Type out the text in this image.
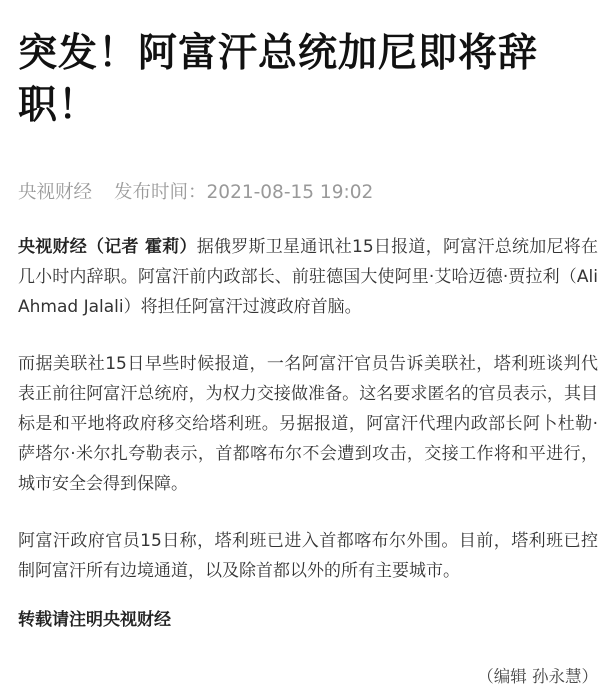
突发！阿富汗总统加尼即将辞职！
央视财经 发布时间：2021-08-15 19:02

央视财经（记者 霍莉）据俄罗斯卫星通讯社15日报道，阿富汗总统加尼将在几小时内辞职。阿富汗前内政部长、前驻德国大使阿里·艾哈迈德·贾拉利（Ali Ahmad Jalali）将担任阿富汗过渡政府首脑。

而据美联社15日早些时候报道，一名阿富汗官员告诉美联社，塔利班谈判代表正前往阿富汗总统府，为权力交接做准备。这名要求匿名的官员表示，其目标是和平地将政府移交给塔利班。另据报道，阿富汗代理内政部长阿卜杜勒·萨塔尔·米尔扎夸勒表示，首都喀布尔不会遭到攻击，交接工作将和平进行，城市安全会得到保障。

阿富汗政府官员15日称，塔利班已进入首都喀布尔外围。目前，塔利班已控制阿富汗所有边境通道，以及除首都以外的所有主要城市。

转载请注明央视财经

（编辑 孙永慧）
